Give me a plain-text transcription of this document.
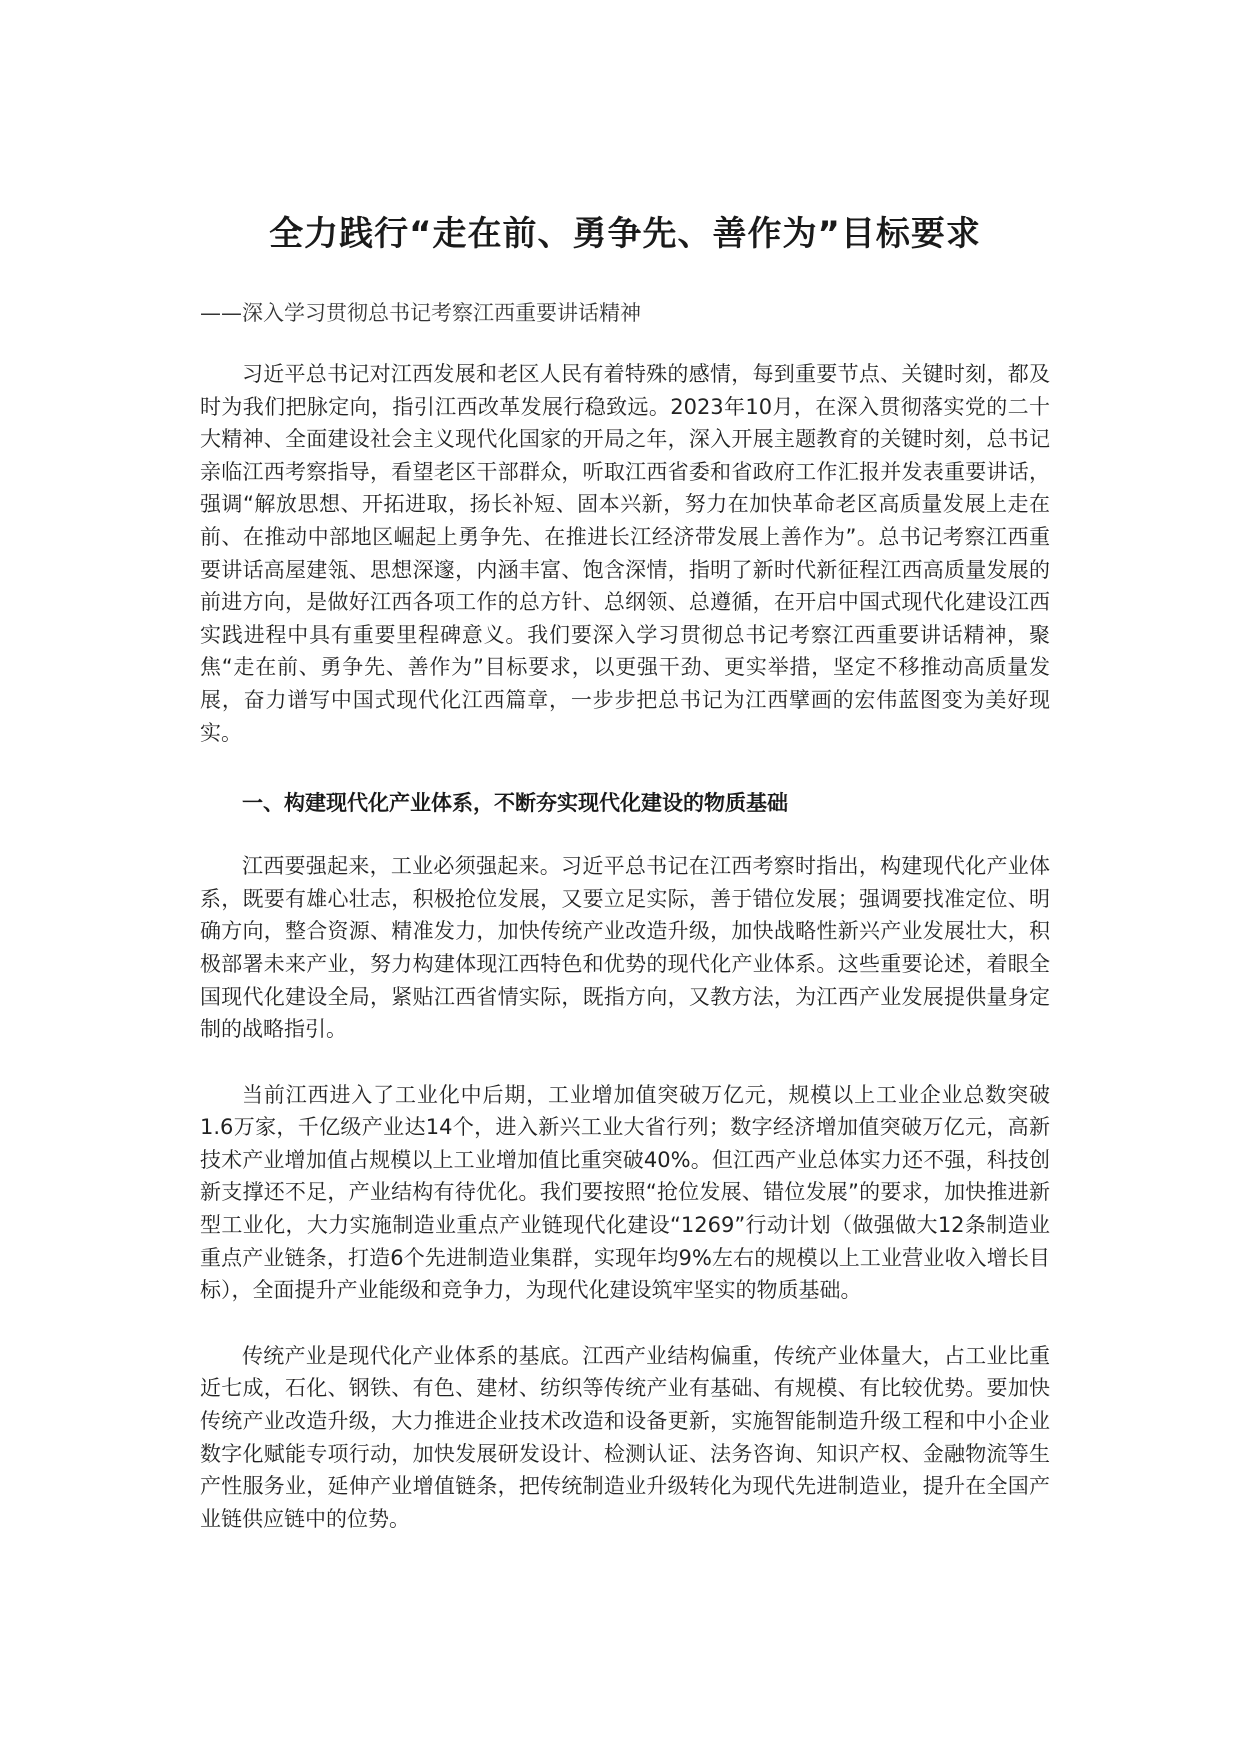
全力践行“走在前、勇争先、善作为”目标要求

——深入学习贯彻总书记考察江西重要讲话精神

习近平总书记对江西发展和老区人民有着特殊的感情，每到重要节点、关键时刻，都及时为我们把脉定向，指引江西改革发展行稳致远。2023年10月，在深入贯彻落实党的二十大精神、全面建设社会主义现代化国家的开局之年，深入开展主题教育的关键时刻，总书记亲临江西考察指导，看望老区干部群众，听取江西省委和省政府工作汇报并发表重要讲话，强调“解放思想、开拓进取，扬长补短、固本兴新，努力在加快革命老区高质量发展上走在前、在推动中部地区崛起上勇争先、在推进长江经济带发展上善作为”。总书记考察江西重要讲话高屋建瓴、思想深邃，内涵丰富、饱含深情，指明了新时代新征程江西高质量发展的前进方向，是做好江西各项工作的总方针、总纲领、总遵循，在开启中国式现代化建设江西实践进程中具有重要里程碑意义。我们要深入学习贯彻总书记考察江西重要讲话精神，聚焦“走在前、勇争先、善作为”目标要求，以更强干劲、更实举措，坚定不移推动高质量发展，奋力谱写中国式现代化江西篇章，一步步把总书记为江西擘画的宏伟蓝图变为美好现实。

一、构建现代化产业体系，不断夯实现代化建设的物质基础

江西要强起来，工业必须强起来。习近平总书记在江西考察时指出，构建现代化产业体系，既要有雄心壮志，积极抢位发展，又要立足实际，善于错位发展；强调要找准定位、明确方向，整合资源、精准发力，加快传统产业改造升级，加快战略性新兴产业发展壮大，积极部署未来产业，努力构建体现江西特色和优势的现代化产业体系。这些重要论述，着眼全国现代化建设全局，紧贴江西省情实际，既指方向，又教方法，为江西产业发展提供量身定制的战略指引。

当前江西进入了工业化中后期，工业增加值突破万亿元，规模以上工业企业总数突破1.6万家，千亿级产业达14个，进入新兴工业大省行列；数字经济增加值突破万亿元，高新技术产业增加值占规模以上工业增加值比重突破40%。但江西产业总体实力还不强，科技创新支撑还不足，产业结构有待优化。我们要按照“抢位发展、错位发展”的要求，加快推进新型工业化，大力实施制造业重点产业链现代化建设“1269”行动计划（做强做大12条制造业重点产业链条，打造6个先进制造业集群，实现年均9%左右的规模以上工业营业收入增长目标），全面提升产业能级和竞争力，为现代化建设筑牢坚实的物质基础。

传统产业是现代化产业体系的基底。江西产业结构偏重，传统产业体量大，占工业比重近七成，石化、钢铁、有色、建材、纺织等传统产业有基础、有规模、有比较优势。要加快传统产业改造升级，大力推进企业技术改造和设备更新，实施智能制造升级工程和中小企业数字化赋能专项行动，加快发展研发设计、检测认证、法务咨询、知识产权、金融物流等生产性服务业，延伸产业增值链条，把传统制造业升级转化为现代先进制造业，提升在全国产业链供应链中的位势。
